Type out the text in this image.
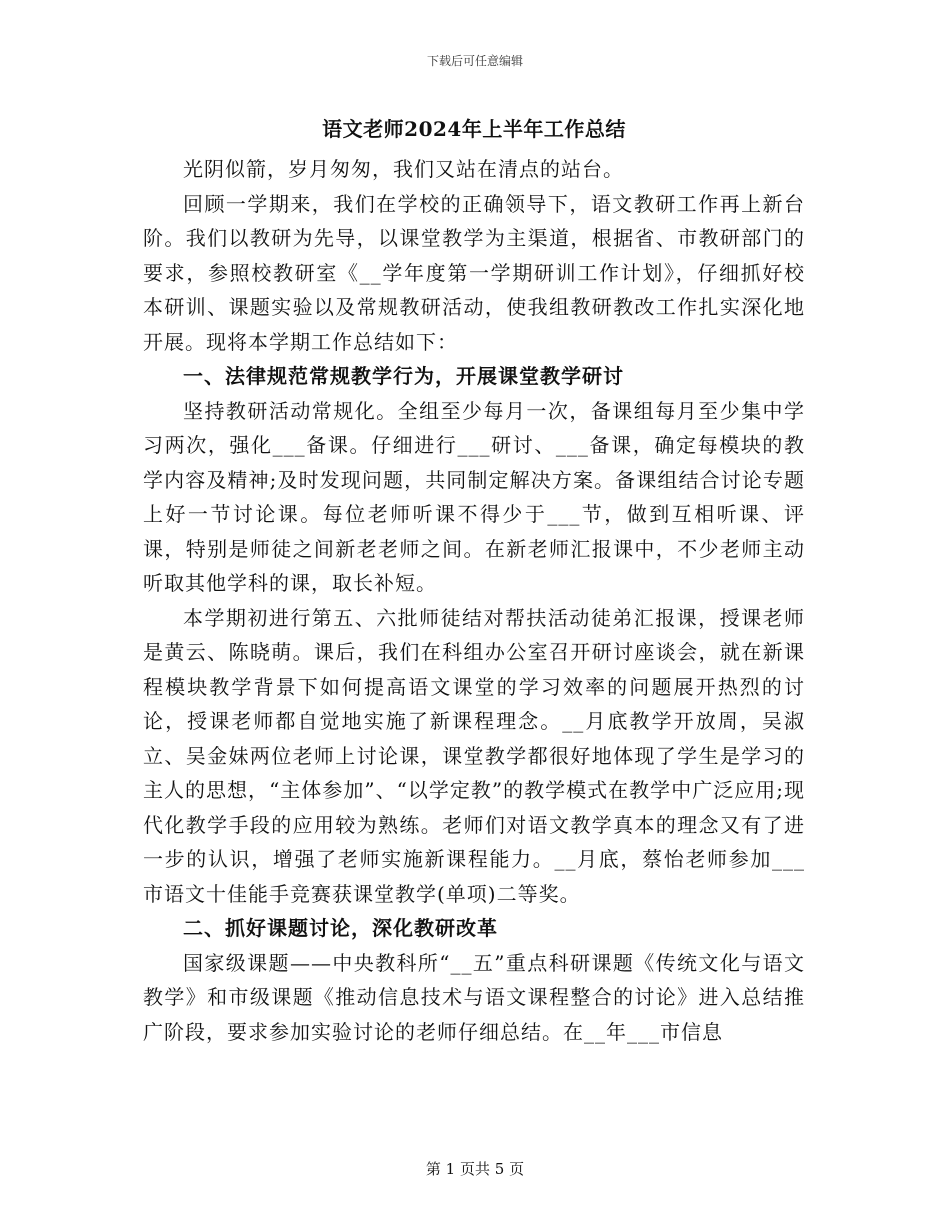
下载后可任意编辑
语文老师2024年上半年工作总结

光阴似箭，岁月匆匆，我们又站在清点的站台。

回顾一学期来，我们在学校的正确领导下，语文教研工作再上新台阶。我们以教研为先导，以课堂教学为主渠道，根据省、市教研部门的要求，参照校教研室《__学年度第一学期研训工作计划》，仔细抓好校本研训、课题实验以及常规教研活动，使我组教研教改工作扎实深化地开展。现将本学期工作总结如下：

一、法律规范常规教学行为，开展课堂教学研讨

坚持教研活动常规化。全组至少每月一次，备课组每月至少集中学习两次，强化___备课。仔细进行___研讨、___备课，确定每模块的教学内容及精神;及时发现问题，共同制定解决方案。备课组结合讨论专题上好一节讨论课。每位老师听课不得少于___节，做到互相听课、评课，特别是师徒之间新老老师之间。在新老师汇报课中，不少老师主动听取其他学科的课，取长补短。

本学期初进行第五、六批师徒结对帮扶活动徒弟汇报课，授课老师是黄云、陈晓萌。课后，我们在科组办公室召开研讨座谈会，就在新课程模块教学背景下如何提高语文课堂的学习效率的问题展开热烈的讨论，授课老师都自觉地实施了新课程理念。__月底教学开放周，吴淑立、吴金妹两位老师上讨论课，课堂教学都很好地体现了学生是学习的主人的思想，“主体参加”、“以学定教”的教学模式在教学中广泛应用;现代化教学手段的应用较为熟练。老师们对语文教学真本的理念又有了进一步的认识，增强了老师实施新课程能力。__月底，蔡怡老师参加___市语文十佳能手竞赛获课堂教学(单项)二等奖。

二、抓好课题讨论，深化教研改革

国家级课题——中央教科所“__五”重点科研课题《传统文化与语文教学》和市级课题《推动信息技术与语文课程整合的讨论》进入总结推广阶段，要求参加实验讨论的老师仔细总结。在__年___市信息

第 1 页共 5 页
